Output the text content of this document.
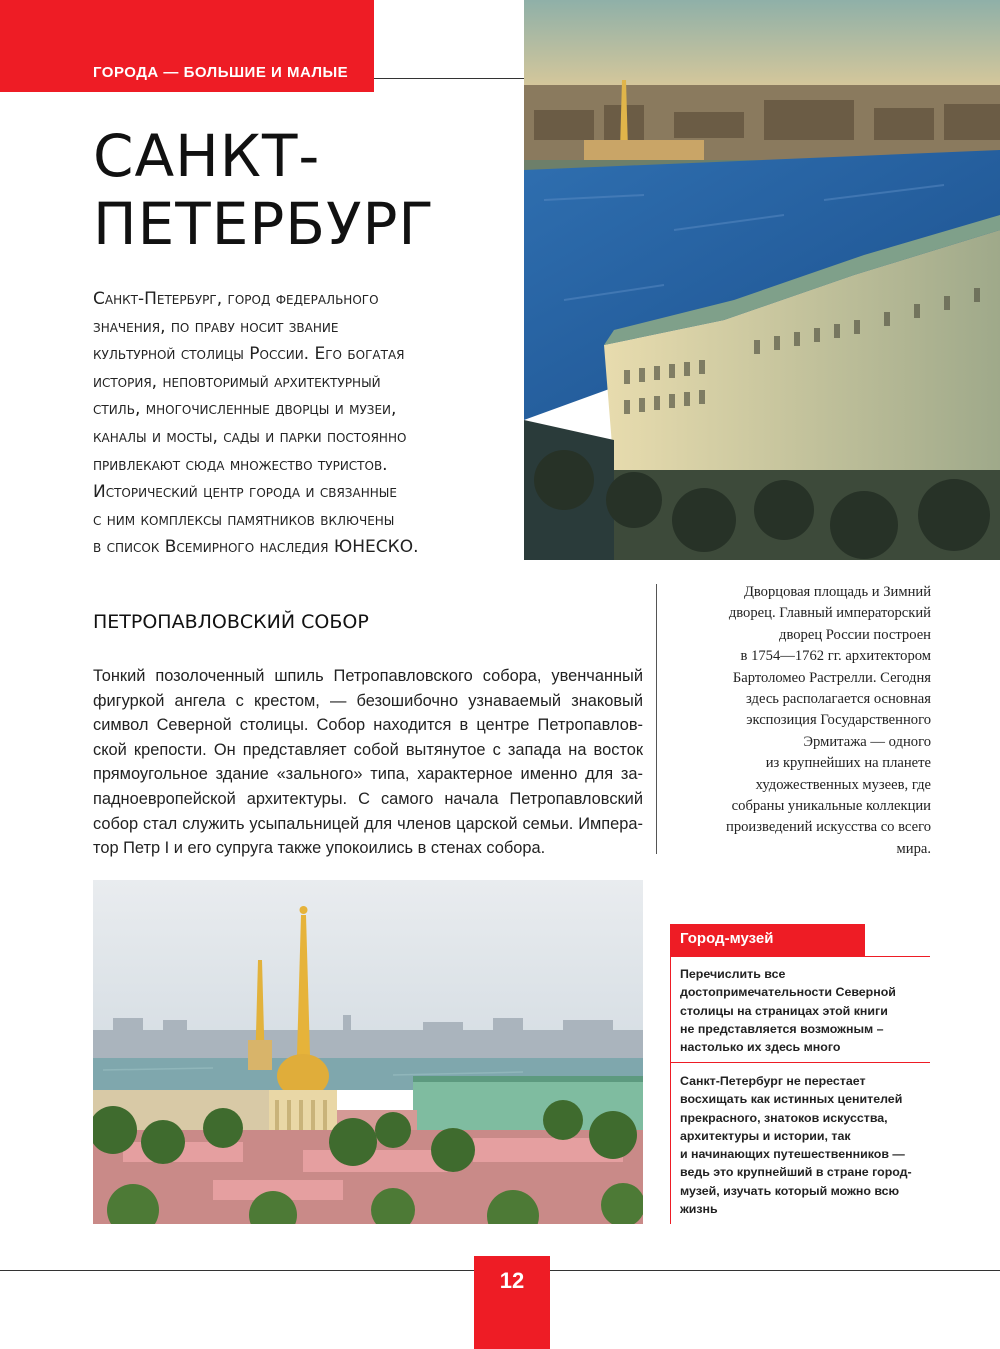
ГОРОДА — БОЛЬШИЕ И МАЛЫЕ
САНКТ-
ПЕТЕРБУРГ
Санкт-Петербург, город федерального
значения, по праву носит звание
культурной столицы России. Его богатая
история, неповторимый архитектурный
стиль, многочисленные дворцы и музеи,
каналы и мосты, сады и парки постоянно
привлекают сюда множество туристов.
Исторический центр города и связанные
с ним комплексы памятников включены
в список Всемирного наследия ЮНЕСКО.
ПЕТРОПАВЛОВСКИЙ СОБОР
Тонкий позолоченный шпиль Петропавловского собора, увенчанный
фигуркой ангела с крестом, — безошибочно узнаваемый знаковый
символ Северной столицы. Собор находится в центре Петропавлов-
ской крепости. Он представляет собой вытянутое с запада на восток
прямоугольное здание «зального» типа, характерное именно для за-
падноевропейской архитектуры. С самого начала Петропавловский
собор стал служить усыпальницей для членов царской семьи. Импера-
тор Петр I и его супруга также упокоились в стенах собора.
Дворцовая площадь и Зимний
дворец. Главный императорский
дворец России построен
в 1754—1762 гг. архитектором
Бартоломео Растрелли. Сегодня
здесь располагается основная
экспозиция Государственного
Эрмитажа — одного
из крупнейших на планете
художественных музеев, где
собраны уникальные коллекции
произведений искусства со всего
мира.
Город-музей
Перечислить все
достопримечательности Северной
столицы на страницах этой книги
не представляется возможным –
настолько их здесь много
Санкт-Петербург не перестает
восхищать как истинных ценителей
прекрасного, знатоков искусства,
архитектуры и истории, так
и начинающих путешественников —
ведь это крупнейший в стране город-
музей, изучать который можно всю
жизнь
12
